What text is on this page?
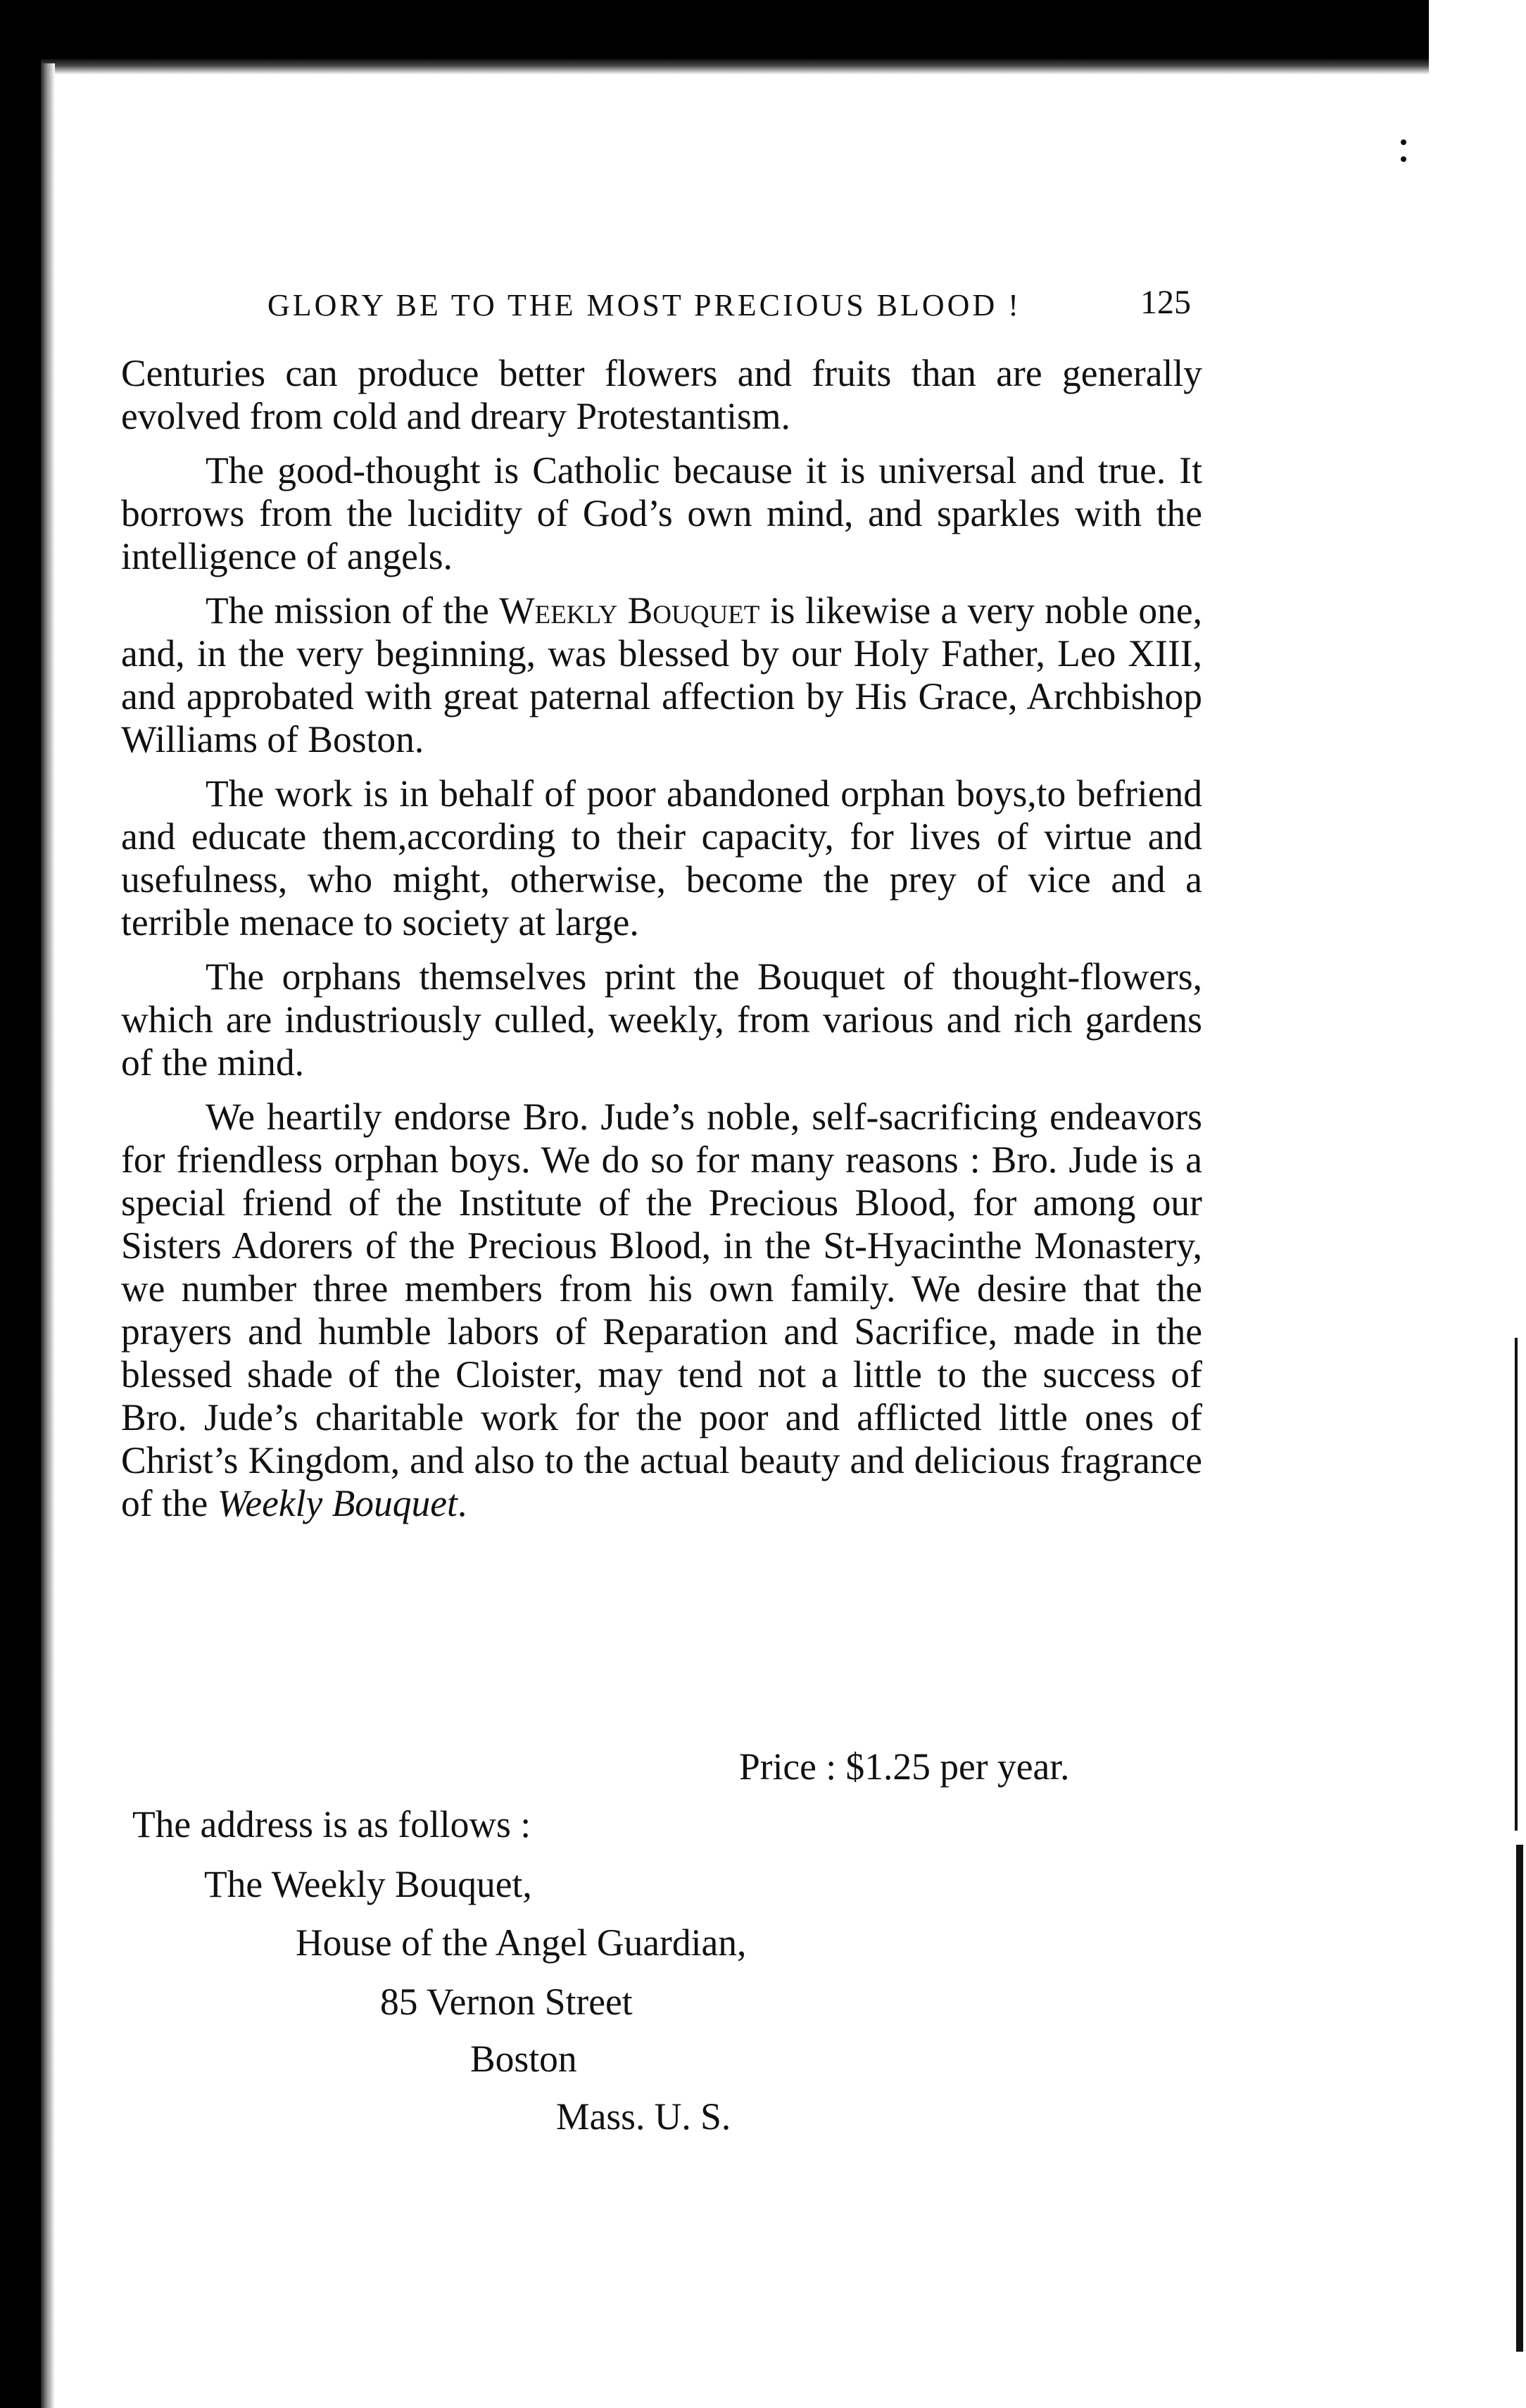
GLORY BE TO THE MOST PRECIOUS BLOOD !	125

Centuries can produce better flowers and fruits than are generally evolved from cold and dreary Protestantism.

The good-thought is Catholic because it is universal and true. It borrows from the lucidity of God’s own mind, and sparkles with the intelligence of angels.

The mission of the Weekly Bouquet is likewise a very noble one, and, in the very beginning, was blessed by our Holy Father, Leo XIII, and approbated with great paternal affection by His Grace, Archbishop Williams of Boston.

The work is in behalf of poor abandoned orphan boys,to befriend and educate them,according to their capacity, for lives of virtue and usefulness, who might, otherwise, become the prey of vice and a terrible menace to society at large.

The orphans themselves print the Bouquet of thought-flowers, which are industriously culled, weekly, from various and rich gardens of the mind.

We heartily endorse Bro. Jude’s noble, self-sacrificing endeavors for friendless orphan boys. We do so for many reasons : Bro. Jude is a special friend of the Institute of the Precious Blood, for among our Sisters Adorers of the Precious Blood, in the St-Hyacinthe Monastery, we number three members from his own family. We desire that the prayers and humble labors of Reparation and Sacrifice, made in the blessed shade of the Cloister, may tend not a little to the success of Bro. Jude’s charitable work for the poor and afflicted little ones of Christ’s Kingdom, and also to the actual beauty and delicious fragrance of the Weekly Bouquet.

Price : $1.25 per year.
The address is as follows :
The Weekly Bouquet,
House of the Angel Guardian,
85 Vernon Street
Boston
Mass. U. S.
